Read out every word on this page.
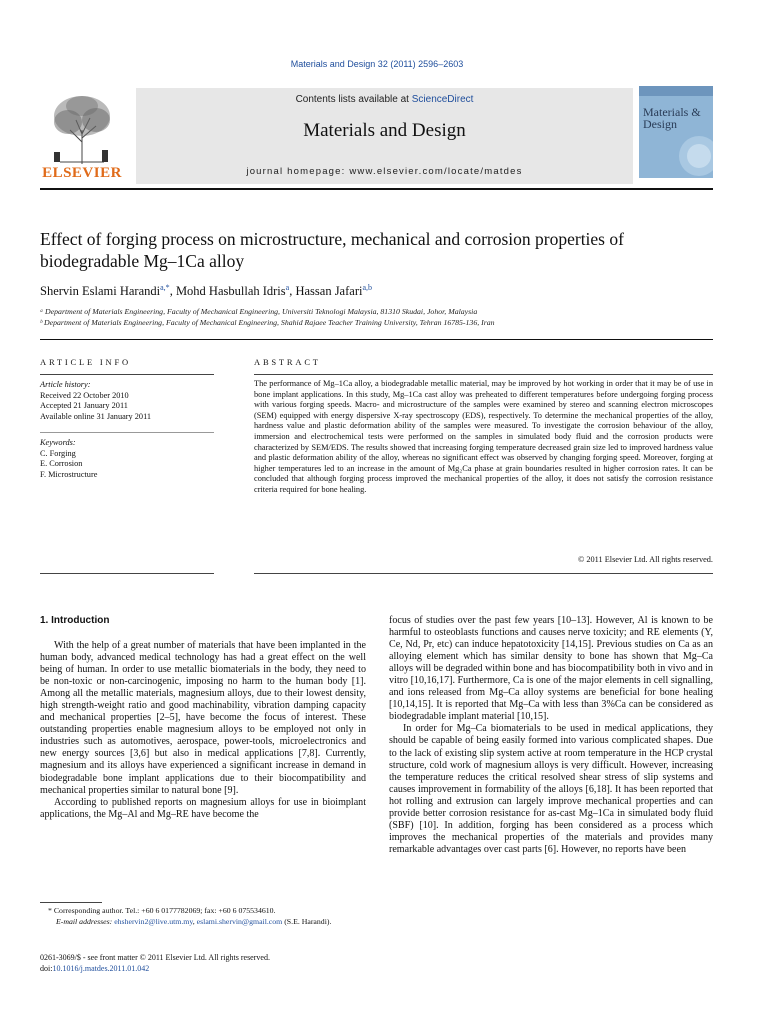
Materials and Design 32 (2011) 2596–2603
ELSEVIER
Contents lists available at ScienceDirect
Materials and Design
journal homepage: www.elsevier.com/locate/matdes
Materials & Design
Effect of forging process on microstructure, mechanical and corrosion properties of biodegradable Mg–1Ca alloy
Shervin Eslami Harandi$^{a,*}$, Mohd Hasbullah Idris$^a$, Hassan Jafari$^{a,b}$
ᵃ Department of Materials Engineering, Faculty of Mechanical Engineering, Universiti Teknologi Malaysia, 81310 Skudai, Johor, Malaysia
ᵇ Department of Materials Engineering, Faculty of Mechanical Engineering, Shahid Rajaee Teacher Training University, Tehran 16785-136, Iran
ARTICLE INFO
Article history:
Received 22 October 2010
Accepted 21 January 2011
Available online 31 January 2011
Keywords:
C. Forging
E. Corrosion
F. Microstructure
ABSTRACT
The performance of Mg–1Ca alloy, a biodegradable metallic material, may be improved by hot working in order that it may be of use in bone implant applications. In this study, Mg–1Ca cast alloy was preheated to different temperatures before undergoing forging process with various forging speeds. Macro- and microstructure of the samples were examined by stereo and scanning electron microscopes (SEM) equipped with energy dispersive X-ray spectroscopy (EDS), respectively. To determine the mechanical properties of the alloy, hardness value and plastic deformation ability of the samples were measured. To investigate the corrosion behaviour of the alloy, immersion and electrochemical tests were performed on the samples in simulated body fluid and the corrosion products were characterized by SEM/EDS. The results showed that increasing forging temperature decreased grain size led to improved hardness value and plastic deformation ability of the alloy, whereas no significant effect was observed by changing forging speed. Moreover, forging at higher temperatures led to an increase in the amount of Mg₂Ca phase at grain boundaries resulted in higher corrosion rates. It can be concluded that although forging process improved the mechanical properties of the alloy, it does not satisfy the corrosion resistance criteria required for bone healing.
© 2011 Elsevier Ltd. All rights reserved.
1. Introduction

With the help of a great number of materials that have been implanted in the human body, advanced medical technology has had a great effect on the well being of human. In order to use metallic biomaterials in the body, they need to be non-toxic or non-carcinogenic, imposing no harm to the human body [1]. Among all the metallic materials, magnesium alloys, due to their lowest density, high strength-weight ratio and good machinability, vibration damping capacity and mechanical properties [2–5], have become the focus of interest. These outstanding properties enable magnesium alloys to be employed not only in industries such as automotives, aerospace, power-tools, microelectronics and new energy sources [3,6] but also in medical applications [7,8]. Currently, magnesium and its alloys have experienced a significant increase in demand in biodegradable bone implant applications due to their biocompatibility and mechanical properties similar to natural bone [9].

According to published reports on magnesium alloys for use in bioimplant applications, the Mg–Al and Mg–RE have become the

focus of studies over the past few years [10–13]. However, Al is known to be harmful to osteoblasts functions and causes nerve toxicity; and RE elements (Y, Ce, Nd, Pr, etc) can induce hepatotoxicity [14,15]. Previous studies on Ca as an alloying element which has similar density to bone has shown that Mg–Ca alloys will be degraded within bone and has biocompatibility both in vivo and in vitro [10,16,17]. Furthermore, Ca is one of the major elements in cell signalling, and ions released from Mg–Ca alloy systems are beneficial for bone healing [10,14,15]. It is reported that Mg–Ca with less than 3%Ca can be considered as biodegradable implant material [10,15].

In order for Mg–Ca biomaterials to be used in medical applications, they should be capable of being easily formed into various complicated shapes. Due to the lack of existing slip system active at room temperature in the HCP crystal structure, cold work of magnesium alloys is very difficult. However, increasing the temperature reduces the critical resolved shear stress of slip systems and causes improvement in formability of the alloys [6,18]. It has been reported that hot rolling and extrusion can largely improve mechanical properties and can provide better corrosion resistance for as-cast Mg–1Ca in simulated body fluid (SBF) [10]. In addition, forging has been considered as a process which improves the mechanical properties of the materials and provides many remarkable advantages over cast parts [6]. However, no reports have been

* Corresponding author. Tel.: +60 6 0177782069; fax: +60 6 075534610.
E-mail addresses: ehshervin2@live.utm.my, eslami.shervin@gmail.com (S.E. Harandi).
0261-3069/$ - see front matter © 2011 Elsevier Ltd. All rights reserved.
doi:10.1016/j.matdes.2011.01.042
